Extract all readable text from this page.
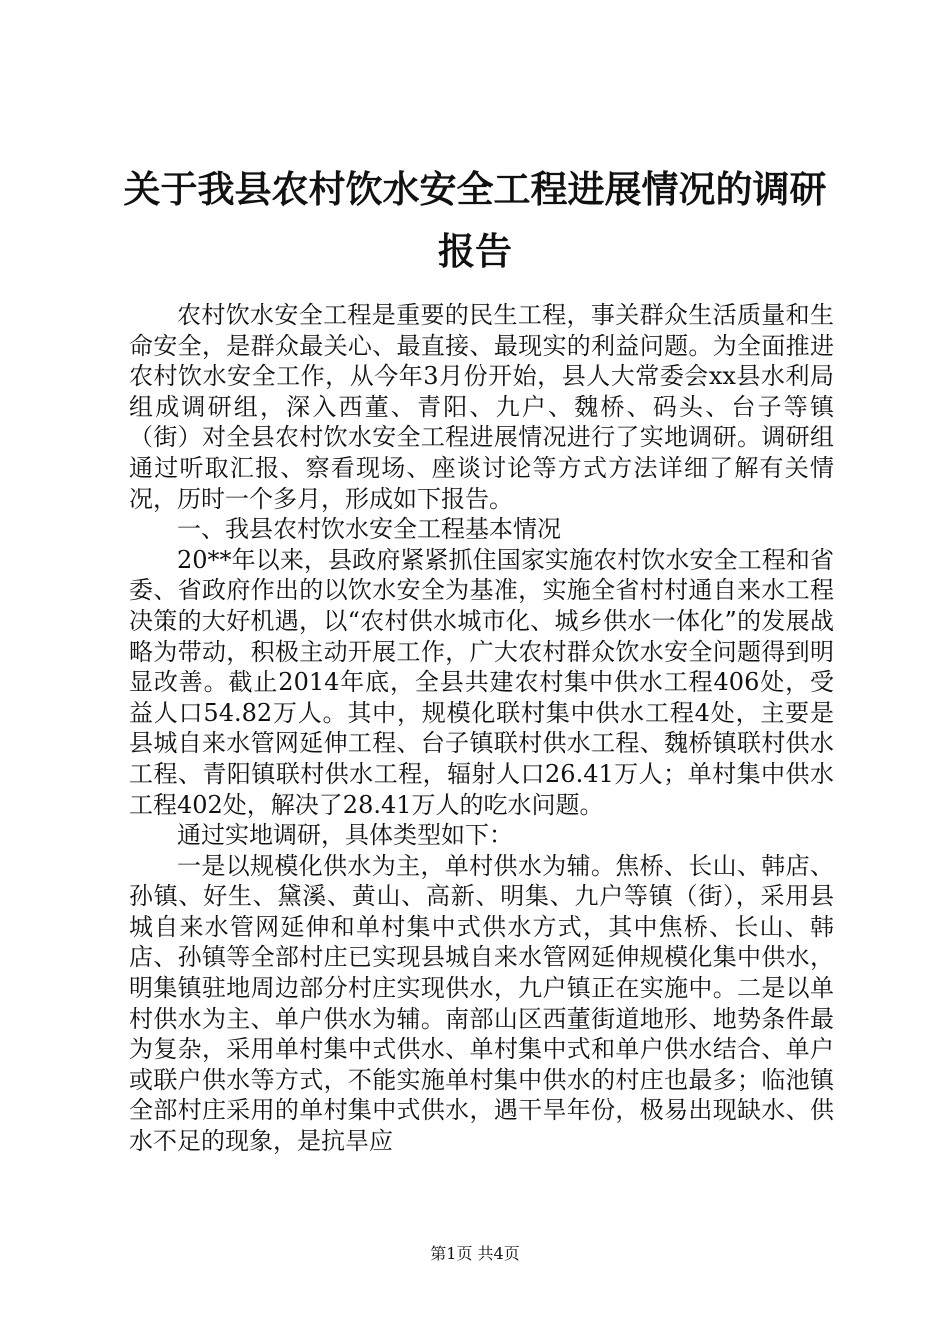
关于我县农村饮水安全工程进展情况的调研报告

农村饮水安全工程是重要的民生工程，事关群众生活质量和生命安全，是群众最关心、最直接、最现实的利益问题。为全面推进农村饮水安全工作，从今年3月份开始，县人大常委会xx县水利局组成调研组，深入西董、青阳、九户、魏桥、码头、台子等镇（街）对全县农村饮水安全工程进展情况进行了实地调研。调研组通过听取汇报、察看现场、座谈讨论等方式方法详细了解有关情况，历时一个多月，形成如下报告。

一、我县农村饮水安全工程基本情况

20**年以来，县政府紧紧抓住国家实施农村饮水安全工程和省委、省政府作出的以饮水安全为基准，实施全省村村通自来水工程决策的大好机遇，以“农村供水城市化、城乡供水一体化”的发展战略为带动，积极主动开展工作，广大农村群众饮水安全问题得到明显改善。截止2014年底，全县共建农村集中供水工程406处，受益人口54.82万人。其中，规模化联村集中供水工程4处，主要是县城自来水管网延伸工程、台子镇联村供水工程、魏桥镇联村供水工程、青阳镇联村供水工程，辐射人口26.41万人；单村集中供水工程402处，解决了28.41万人的吃水问题。

通过实地调研，具体类型如下：

一是以规模化供水为主，单村供水为辅。焦桥、长山、韩店、孙镇、好生、黛溪、黄山、高新、明集、九户等镇（街），采用县城自来水管网延伸和单村集中式供水方式，其中焦桥、长山、韩店、孙镇等全部村庄已实现县城自来水管网延伸规模化集中供水，明集镇驻地周边部分村庄实现供水，九户镇正在实施中。二是以单村供水为主、单户供水为辅。南部山区西董街道地形、地势条件最为复杂，采用单村集中式供水、单村集中式和单户供水结合、单户或联户供水等方式，不能实施单村集中供水的村庄也最多；临池镇全部村庄采用的单村集中式供水，遇干旱年份，极易出现缺水、供水不足的现象，是抗旱应

第1页 共4页
